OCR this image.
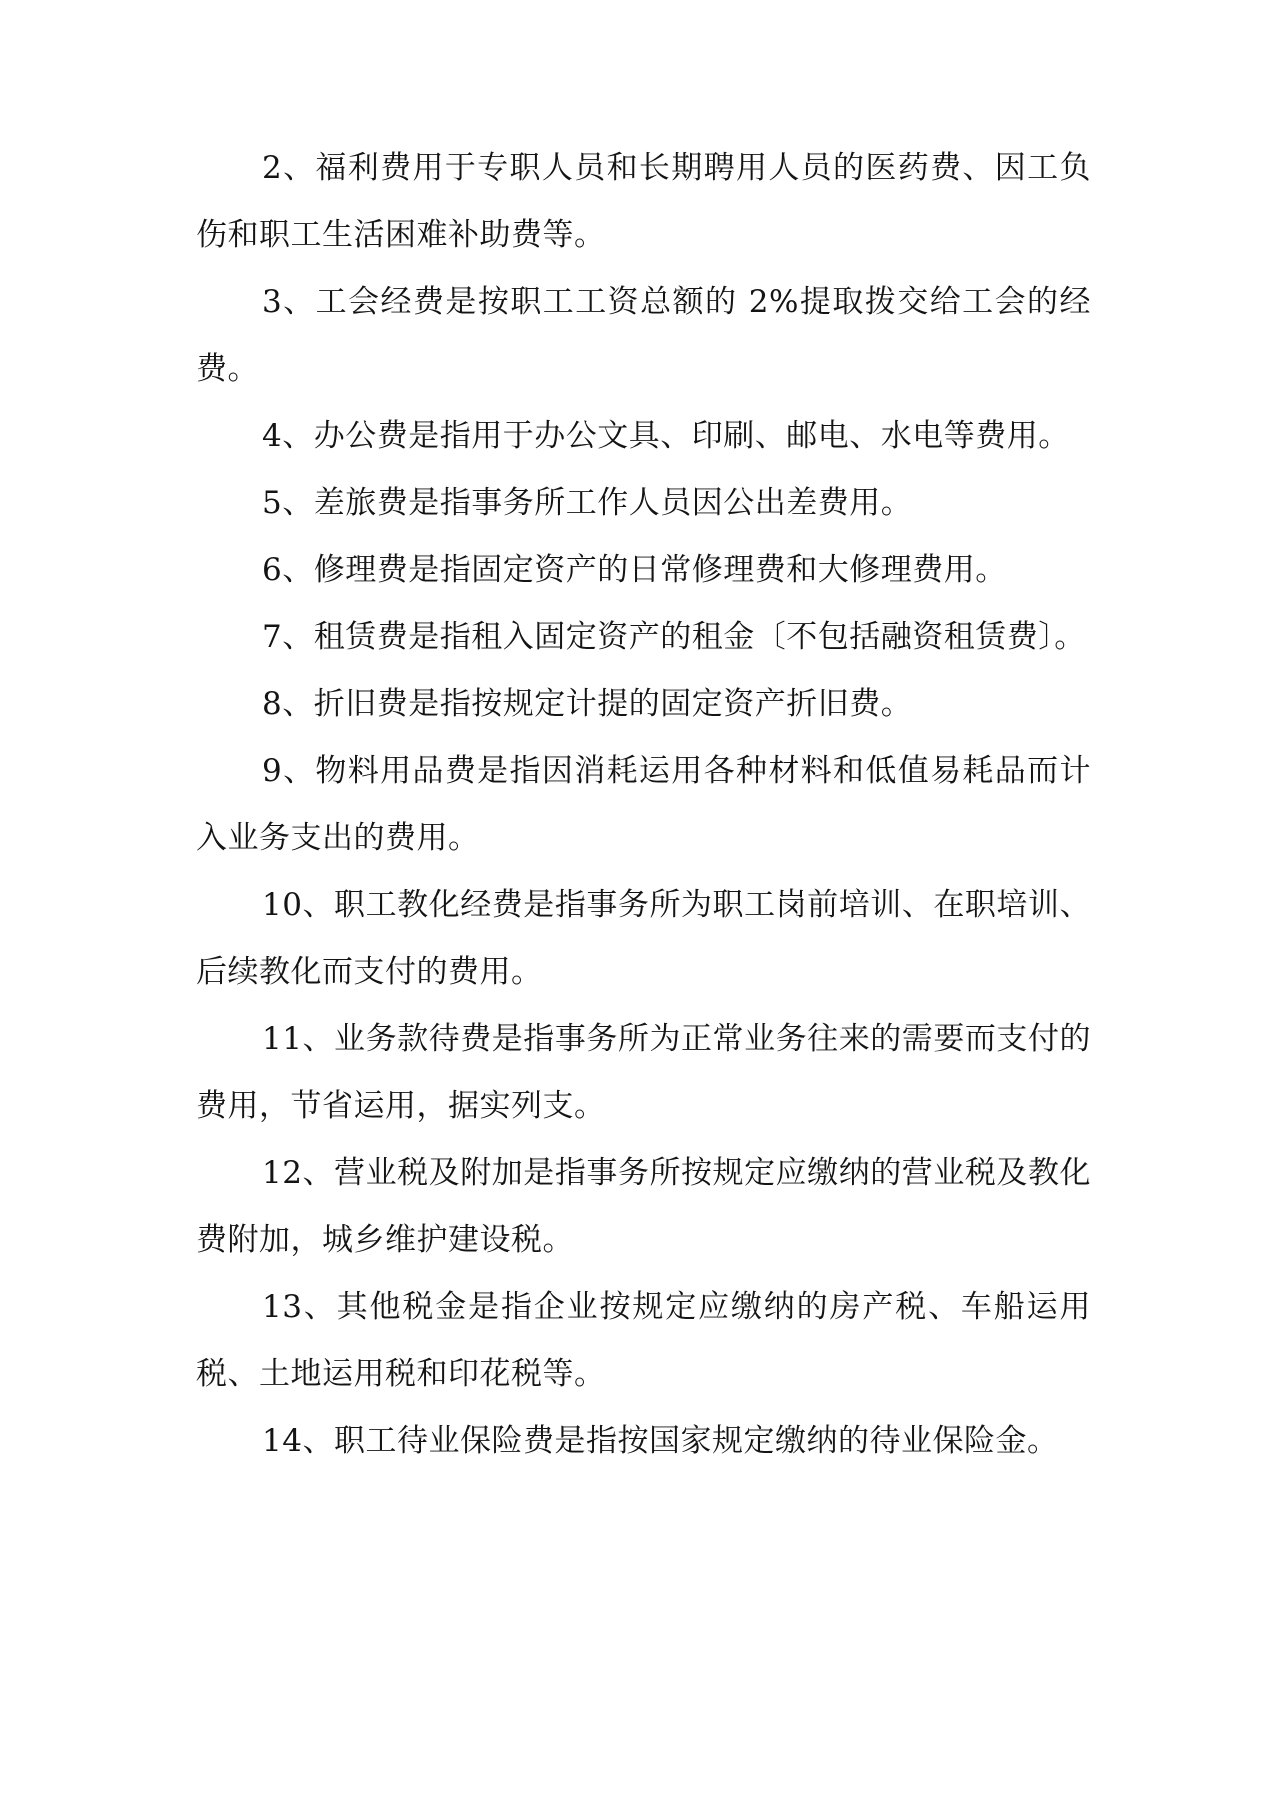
2、福利费用于专职人员和长期聘用人员的医药费、因工负伤和职工生活困难补助费等。

3、工会经费是按职工工资总额的 2%提取拨交给工会的经费。

4、办公费是指用于办公文具、印刷、邮电、水电等费用。

5、差旅费是指事务所工作人员因公出差费用。

6、修理费是指固定资产的日常修理费和大修理费用。

7、租赁费是指租入固定资产的租金〔不包括融资租赁费〕。

8、折旧费是指按规定计提的固定资产折旧费。

9、物料用品费是指因消耗运用各种材料和低值易耗品而计入业务支出的费用。

10、职工教化经费是指事务所为职工岗前培训、在职培训、后续教化而支付的费用。

11、业务款待费是指事务所为正常业务往来的需要而支付的费用，节省运用，据实列支。

12、营业税及附加是指事务所按规定应缴纳的营业税及教化费附加，城乡维护建设税。

13、其他税金是指企业按规定应缴纳的房产税、车船运用税、土地运用税和印花税等。

14、职工待业保险费是指按国家规定缴纳的待业保险金。
